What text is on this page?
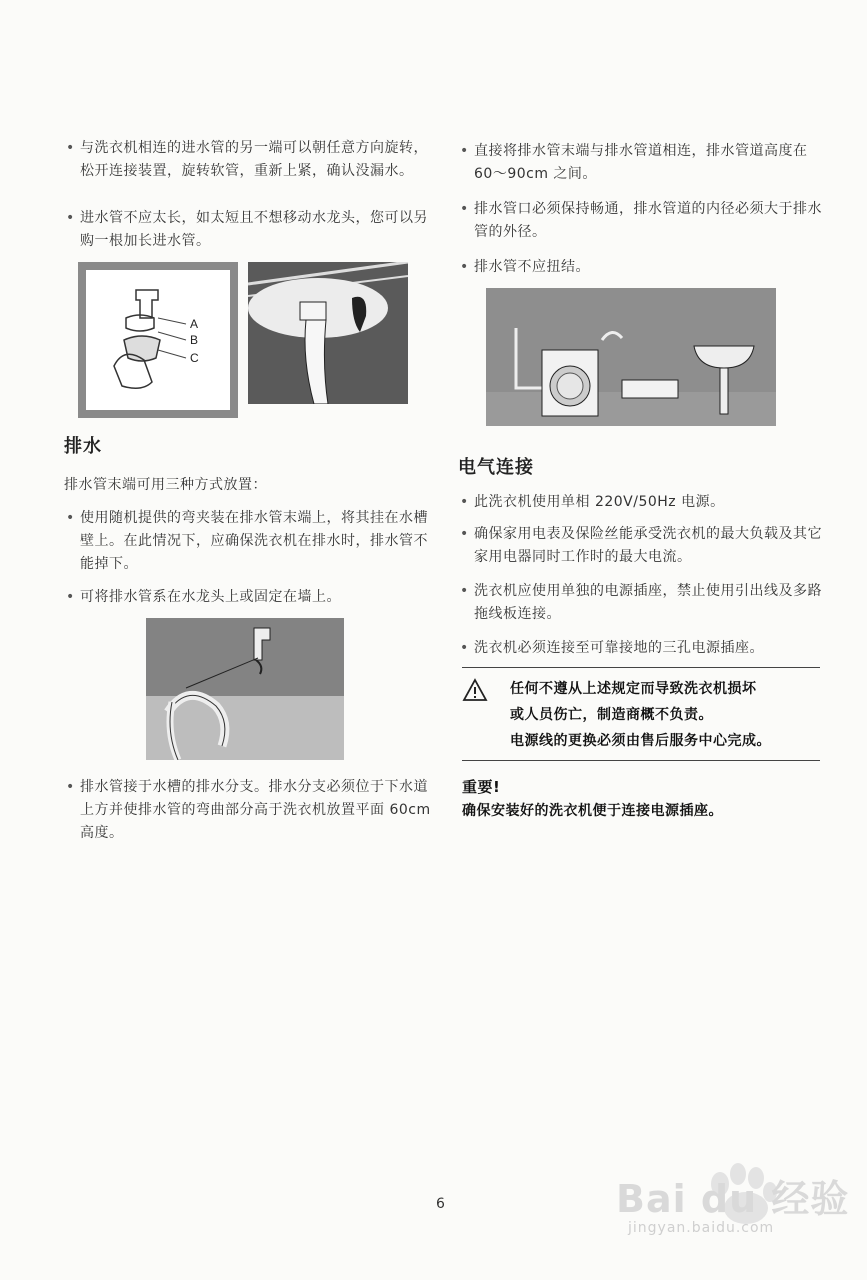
• 与洗衣机相连的进水管的另一端可以朝任意方向旋转，松开连接装置，旋转软管，重新上紧，确认没漏水。
• 进水管不应太长，如太短且不想移动水龙头，您可以另购一根加长进水管。
A
B
C
排水
排水管末端可用三种方式放置：
• 使用随机提供的弯夹装在排水管末端上，将其挂在水槽壁上。在此情况下，应确保洗衣机在排水时，排水管不能掉下。
• 可将排水管系在水龙头上或固定在墙上。
• 排水管接于水槽的排水分支。排水分支必须位于下水道上方并使排水管的弯曲部分高于洗衣机放置平面 60cm 高度。
• 直接将排水管末端与排水管道相连，排水管道高度在 60～90cm 之间。
• 排水管口必须保持畅通，排水管道的内径必须大于排水管的外径。
• 排水管不应扭结。
电气连接
• 此洗衣机使用单相 220V/50Hz 电源。
• 确保家用电表及保险丝能承受洗衣机的最大负载及其它家用电器同时工作时的最大电流。
• 洗衣机应使用单独的电源插座，禁止使用引出线及多路拖线板连接。
• 洗衣机必须连接至可靠接地的三孔电源插座。
任何不遵从上述规定而导致洗衣机损坏
或人员伤亡，制造商概不负责。
电源线的更换必须由售后服务中心完成。
重要!
确保安装好的洗衣机便于连接电源插座。
6	Bai du 经验
jingyan.baidu.com
